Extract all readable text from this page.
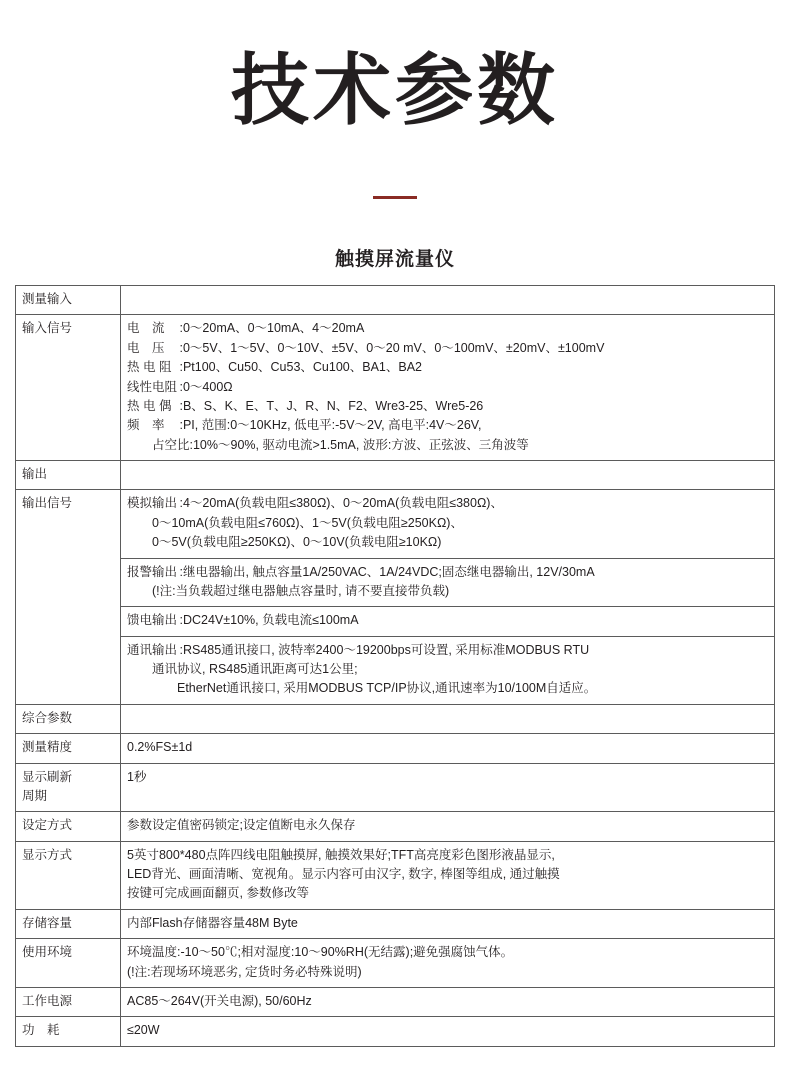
技术参数
触摸屏流量仪
测量输入	
输入信号	电　流 :0～20mA、0～10mA、4～20mA
电　压 :0～5V、1～5V、0～10V、±5V、0～20 mV、0～100mV、±20mV、±100mV
热 电 阻 :Pt100、Cu50、Cu53、Cu100、BA1、BA2
线性电阻 :0～400Ω
热 电 偶 :B、S、K、E、T、J、R、N、F2、Wre3-25、Wre5-26
频　率 :PI, 范围:0～10KHz, 低电平:-5V～2V, 高电平:4V～26V,
占空比:10%～90%, 驱动电流>1.5mA, 波形:方波、正弦波、三角波等

输出	
输出信号	模拟输出 :4～20mA(负载电阻≤380Ω)、0～20mA(负载电阻≤380Ω)、
0～10mA(负载电阻≤760Ω)、1～5V(负载电阻≥250KΩ)、
0～5V(负载电阻≥250KΩ)、0～10V(负载电阻≥10KΩ)

	报警输出 :继电器输出, 触点容量1A/250VAC、1A/24VDC;固态继电器输出, 12V/30mA
(!注:当负载超过继电器触点容量时, 请不要直接带负载)

	馈电输出 :DC24V±10%, 负载电流≤100mA

	通讯输出 :RS485通讯接口, 波特率2400～19200bps可设置, 采用标准MODBUS RTU
通讯协议, RS485通讯距离可达1公里;
EtherNet通讯接口, 采用MODBUS TCP/IP协议,通讯速率为10/100M自适应。

综合参数	
测量精度	0.2%FS±1d

显示刷新
周期	1秒

设定方式	参数设定值密码锁定;设定值断电永久保存

显示方式	5英寸800*480点阵四线电阻触摸屏, 触摸效果好;TFT高亮度彩色图形液晶显示,
LED背光、画面清晰、宽视角。显示内容可由汉字, 数字, 棒图等组成, 通过触摸
按键可完成画面翻页, 参数修改等

存储容量	内部Flash存储器容量48M Byte

使用环境	环境温度:-10～50℃;相对湿度:10～90%RH(无结露);避免强腐蚀气体。
(!注:若现场环境恶劣, 定货时务必特殊说明)

工作电源	AC85～264V(开关电源), 50/60Hz

功　耗	≤20W
